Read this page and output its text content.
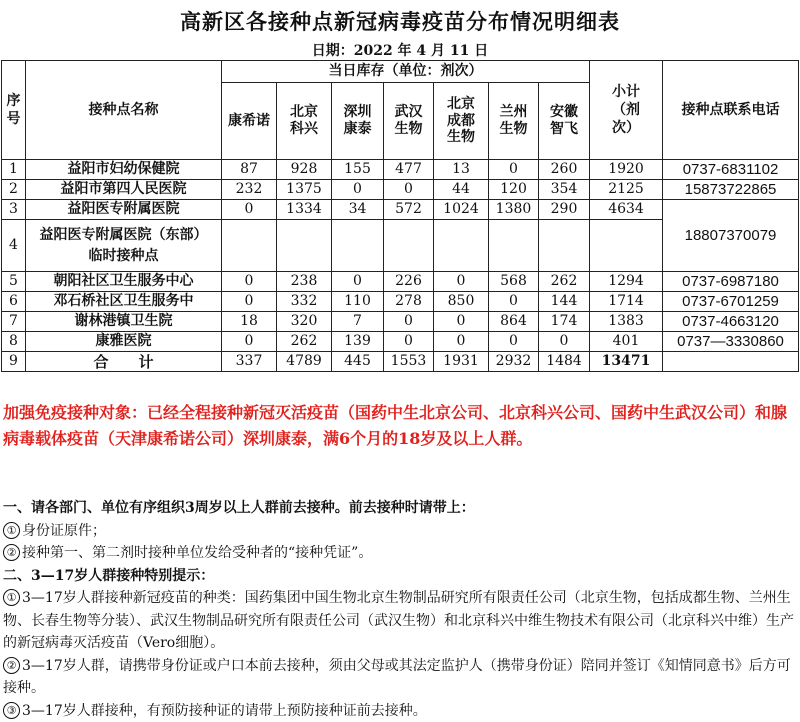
高新区各接种点新冠病毒疫苗分布情况明细表
日期：2022 年 4 月 11 日
序号	接种点名称	当日库存（单位：剂次）							小计（剂次）	接种点联系电话
		康希诺	北京科兴	深圳康泰	武汉生物	北京成都生物	兰州生物	安徽智飞		
1	益阳市妇幼保健院	87	928	155	477	13	0	260	1920	0737-6831102
2	益阳市第四人民医院	232	1375	0	0	44	120	354	2125	15873722865
3	益阳医专附属医院	0	1334	34	572	1024	1380	290	4634	18807370079
4	益阳医专附属医院（东部）临时接种点									
5	朝阳社区卫生服务中心	0	238	0	226	0	568	262	1294	0737-6987180
6	邓石桥社区卫生服务中	0	332	110	278	850	0	144	1714	0737-6701259
7	谢林港镇卫生院	18	320	7	0	0	864	174	1383	0737-4663120
8	康雅医院	0	262	139	0	0	0	0	401	0737—3330860
9	合　　计	337	4789	445	1553	1931	2932	1484	13471	
加强免疫接种对象：已经全程接种新冠灭活疫苗（国药中生北京公司、北京科兴公司、国药中生武汉公司）和腺病毒载体疫苗（天津康希诺公司）深圳康泰，满6个月的18岁及以上人群。
一、请各部门、单位有序组织3周岁以上人群前去接种。前去接种时请带上：
① 身份证原件；
② 接种第一、第二剂时接种单位发给受种者的“接种凭证”。
二、3—17岁人群接种特别提示：
① 3—17岁人群接种新冠疫苗的种类：国药集团中国生物北京生物制品研究所有限责任公司（北京生物，包括成都生物、兰州生物、长春生物等分装）、武汉生物制品研究所有限责任公司（武汉生物）和北京科兴中维生物技术有限公司（北京科兴中维）生产的新冠病毒灭活疫苗（Vero细胞）。
② 3—17岁人群，请携带身份证或户口本前去接种，须由父母或其法定监护人（携带身份证）陪同并签订《知情同意书》后方可接种。
③ 3—17岁人群接种，有预防接种证的请带上预防接种证前去接种。
